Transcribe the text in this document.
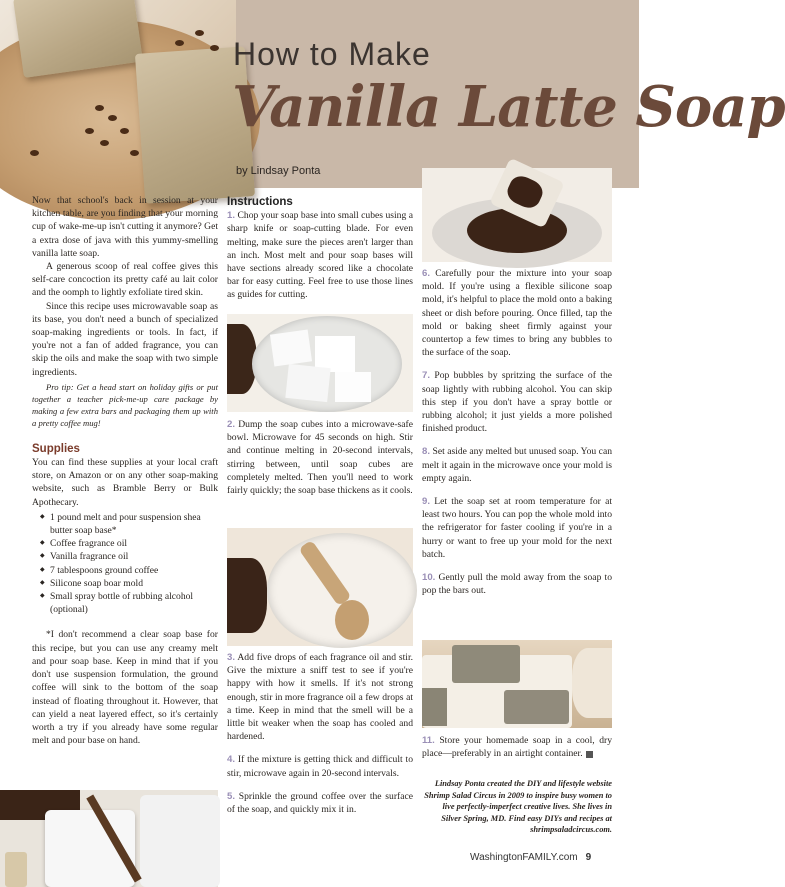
How to Make
Vanilla Latte Soap
by Lindsay Ponta

Now that school's back in session at your kitchen table, are you finding that your morning cup of wake-me-up isn't cutting it anymore? Get a extra dose of java with this yummy-smelling vanilla latte soap.

A generous scoop of real coffee gives this self-care concoction its pretty café au lait color and the oomph to lightly exfoliate tired skin.

Since this recipe uses microwavable soap as its base, you don't need a bunch of specialized soap-making ingredients or tools. In fact, if you're not a fan of added fragrance, you can skip the oils and make the soap with two simple ingredients.

Pro tip: Get a head start on holiday gifts or put together a teacher pick-me-up care package by making a few extra bars and packaging them up with a pretty coffee mug!

Supplies

You can find these supplies at your local craft store, on Amazon or on any other soap-making website, such as Bramble Berry or Bulk Apothecary.

◆ 1 pound melt and pour suspension shea butter soap base*
◆ Coffee fragrance oil
◆ Vanilla fragrance oil
◆ 7 tablespoons ground coffee
◆ Silicone soap boar mold
◆ Small spray bottle of rubbing alcohol (optional)

*I don't recommend a clear soap base for this recipe, but you can use any creamy melt and pour soap base. Keep in mind that if you don't use suspension formulation, the ground coffee will sink to the bottom of the soap instead of floating throughout it. However, that can yield a neat layered effect, so it's certainly worth a try if you already have some regular melt and pour base on hand.

Instructions

1. Chop your soap base into small cubes using a sharp knife or soap-cutting blade. For even melting, make sure the pieces aren't larger than an inch. Most melt and pour soap bases will have sections already scored like a chocolate bar for easy cutting. Feel free to use those lines as guides for cutting.

2. Dump the soap cubes into a microwave-safe bowl. Microwave for 45 seconds on high. Stir and continue melting in 20-second intervals, stirring between, until soap cubes are completely melted. Then you'll need to work fairly quickly; the soap base thickens as it cools.

3. Add five drops of each fragrance oil and stir. Give the mixture a sniff test to see if you're happy with how it smells. If it's not strong enough, stir in more fragrance oil a few drops at a time. Keep in mind that the smell will be a little bit weaker when the soap has cooled and hardened.

4. If the mixture is getting thick and difficult to stir, microwave again in 20-second intervals.

5. Sprinkle the ground coffee over the surface of the soap, and quickly mix it in.

6. Carefully pour the mixture into your soap mold. If you're using a flexible silicone soap mold, it's helpful to place the mold onto a baking sheet or dish before pouring. Once filled, tap the mold or baking sheet firmly against your countertop a few times to bring any bubbles to the surface of the soap.

7. Pop bubbles by spritzing the surface of the soap lightly with rubbing alcohol. You can skip this step if you don't have a spray bottle or rubbing alcohol; it just yields a more polished finished product.

8. Set aside any melted but unused soap. You can melt it again in the microwave once your mold is empty again.

9. Let the soap set at room temperature for at least two hours. You can pop the whole mold into the refrigerator for faster cooling if you're in a hurry or want to free up your mold for the next batch.

10. Gently pull the mold away from the soap to pop the bars out.

11. Store your homemade soap in a cool, dry place—preferably in an airtight container.

Lindsay Ponta created the DIY and lifestyle website Shrimp Salad Circus in 2009 to inspire busy women to live perfectly-imperfect creative lives. She lives in Silver Spring, MD. Find easy DIYs and recipes at shrimpsaladcircus.com.
WashingtonFAMILY.com 9
